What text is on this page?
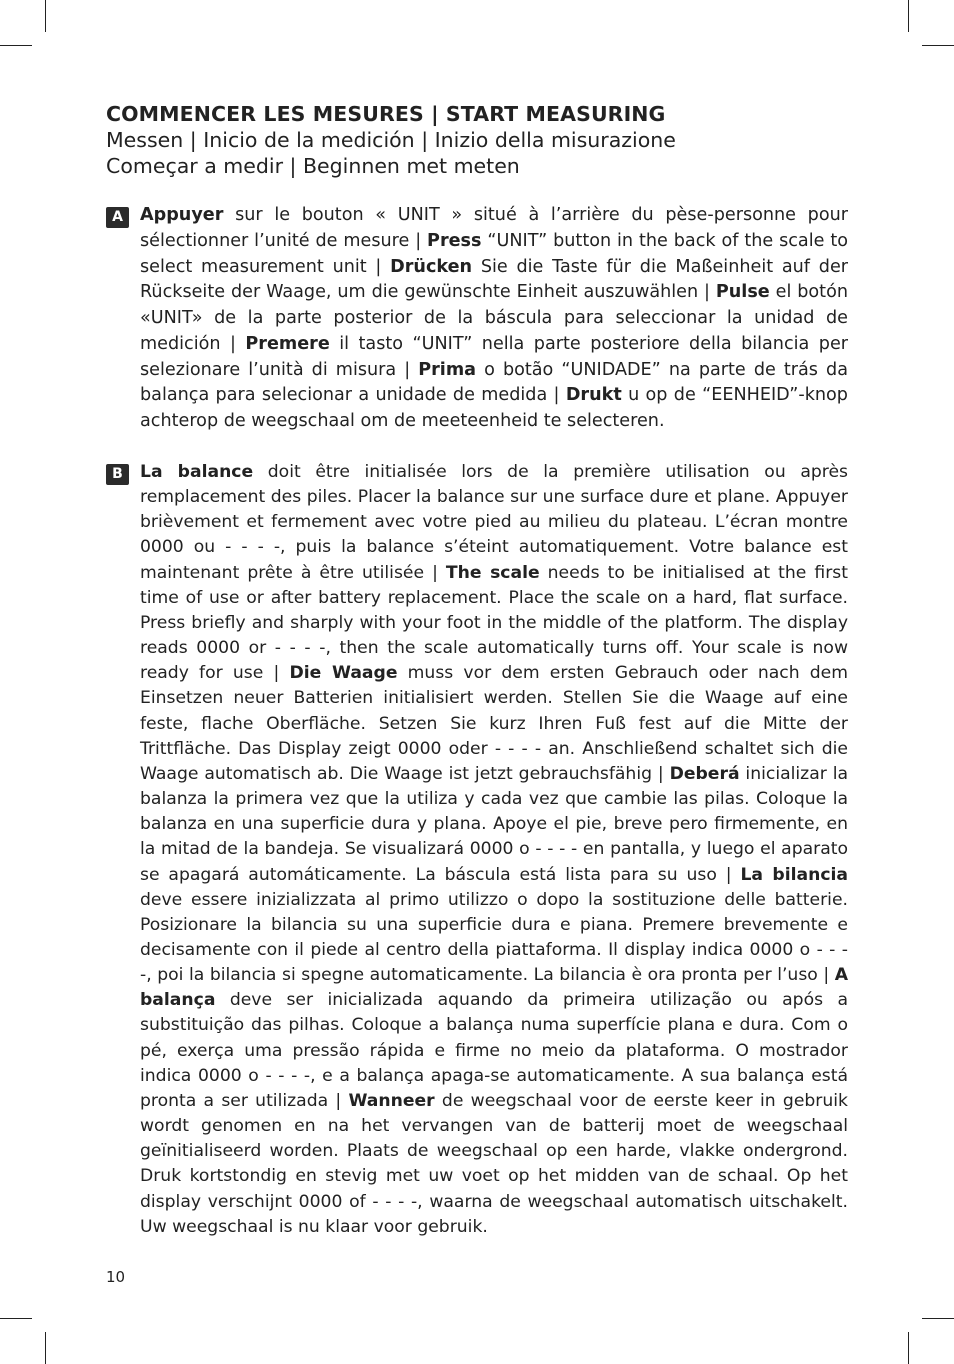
COMMENCER LES MESURES | START MEASURING
Messen | Inicio de la medición | Inizio della misurazione
Começar a medir | Beginnen met meten
A Appuyer sur le bouton « UNIT » situé à l’arrière du pèse-personne pour sélectionner l’unité de mesure | Press “UNIT” button in the back of the scale to select measurement unit | Drücken Sie die Taste für die Maßeinheit auf der Rückseite der Waage, um die gewünschte Einheit auszuwählen | Pulse el botón «UNIT» de la parte posterior de la báscula para seleccionar la unidad de medición | Premere il tasto “UNIT” nella parte posteriore della bilancia per selezionare l’unità di misura | Prima o botão “UNIDADE” na parte de trás da balança para selecionar a unidade de medida | Drukt u op de “EENHEID”-knop achterop de weegschaal om de meeteenheid te selecteren.
B La balance doit être initialisée lors de la première utilisation ou après remplacement des piles. Placer la balance sur une surface dure et plane. Appuyer brièvement et fermement avec votre pied au milieu du plateau. L’écran montre 0000 ou - - - -, puis la balance s’éteint automatiquement. Votre balance est maintenant prête à être utilisée | The scale needs to be initialised at the first time of use or after battery replacement. Place the scale on a hard, flat surface. Press briefly and sharply with your foot in the middle of the platform. The display reads 0000 or - - - -, then the scale automatically turns off. Your scale is now ready for use | Die Waage muss vor dem ersten Gebrauch oder nach dem Einsetzen neuer Batterien initialisiert werden. Stellen Sie die Waage auf eine feste, flache Oberfläche. Setzen Sie kurz Ihren Fuß fest auf die Mitte der Trittfläche. Das Display zeigt 0000 oder - - - - an. Anschließend schaltet sich die Waage automatisch ab. Die Waage ist jetzt gebrauchsfähig | Deberá inicializar la balanza la primera vez que la utiliza y cada vez que cambie las pilas. Coloque la balanza en una superficie dura y plana. Apoye el pie, breve pero firmemente, en la mitad de la bandeja. Se visualizará 0000 o - - - - en pantalla, y luego el aparato se apagará automáticamente. La báscula está lista para su uso | La bilancia deve essere inizializzata al primo utilizzo o dopo la sostituzione delle batterie. Posizionare la bilancia su una superficie dura e piana. Premere brevemente e decisamente con il piede al centro della piattaforma. Il display indica 0000 o - - - -, poi la bilancia si spegne automaticamente. La bilancia è ora pronta per l’uso | A balança deve ser inicializada aquando da primeira utilização ou após a substituição das pilhas. Coloque a balança numa superfície plana e dura. Com o pé, exerça uma pressão rápida e firme no meio da plataforma. O mostrador indica 0000 o - - - -, e a balança apaga-se automaticamente. A sua balança está pronta a ser utilizada | Wanneer de weegschaal voor de eerste keer in gebruik wordt genomen en na het vervangen van de batterij moet de weegschaal geïnitialiseerd worden. Plaats de weegschaal op een harde, vlakke ondergrond. Druk kortstondig en stevig met uw voet op het midden van de schaal. Op het display verschijnt 0000 of - - - -, waarna de weegschaal automatisch uitschakelt. Uw weegschaal is nu klaar voor gebruik.
10
